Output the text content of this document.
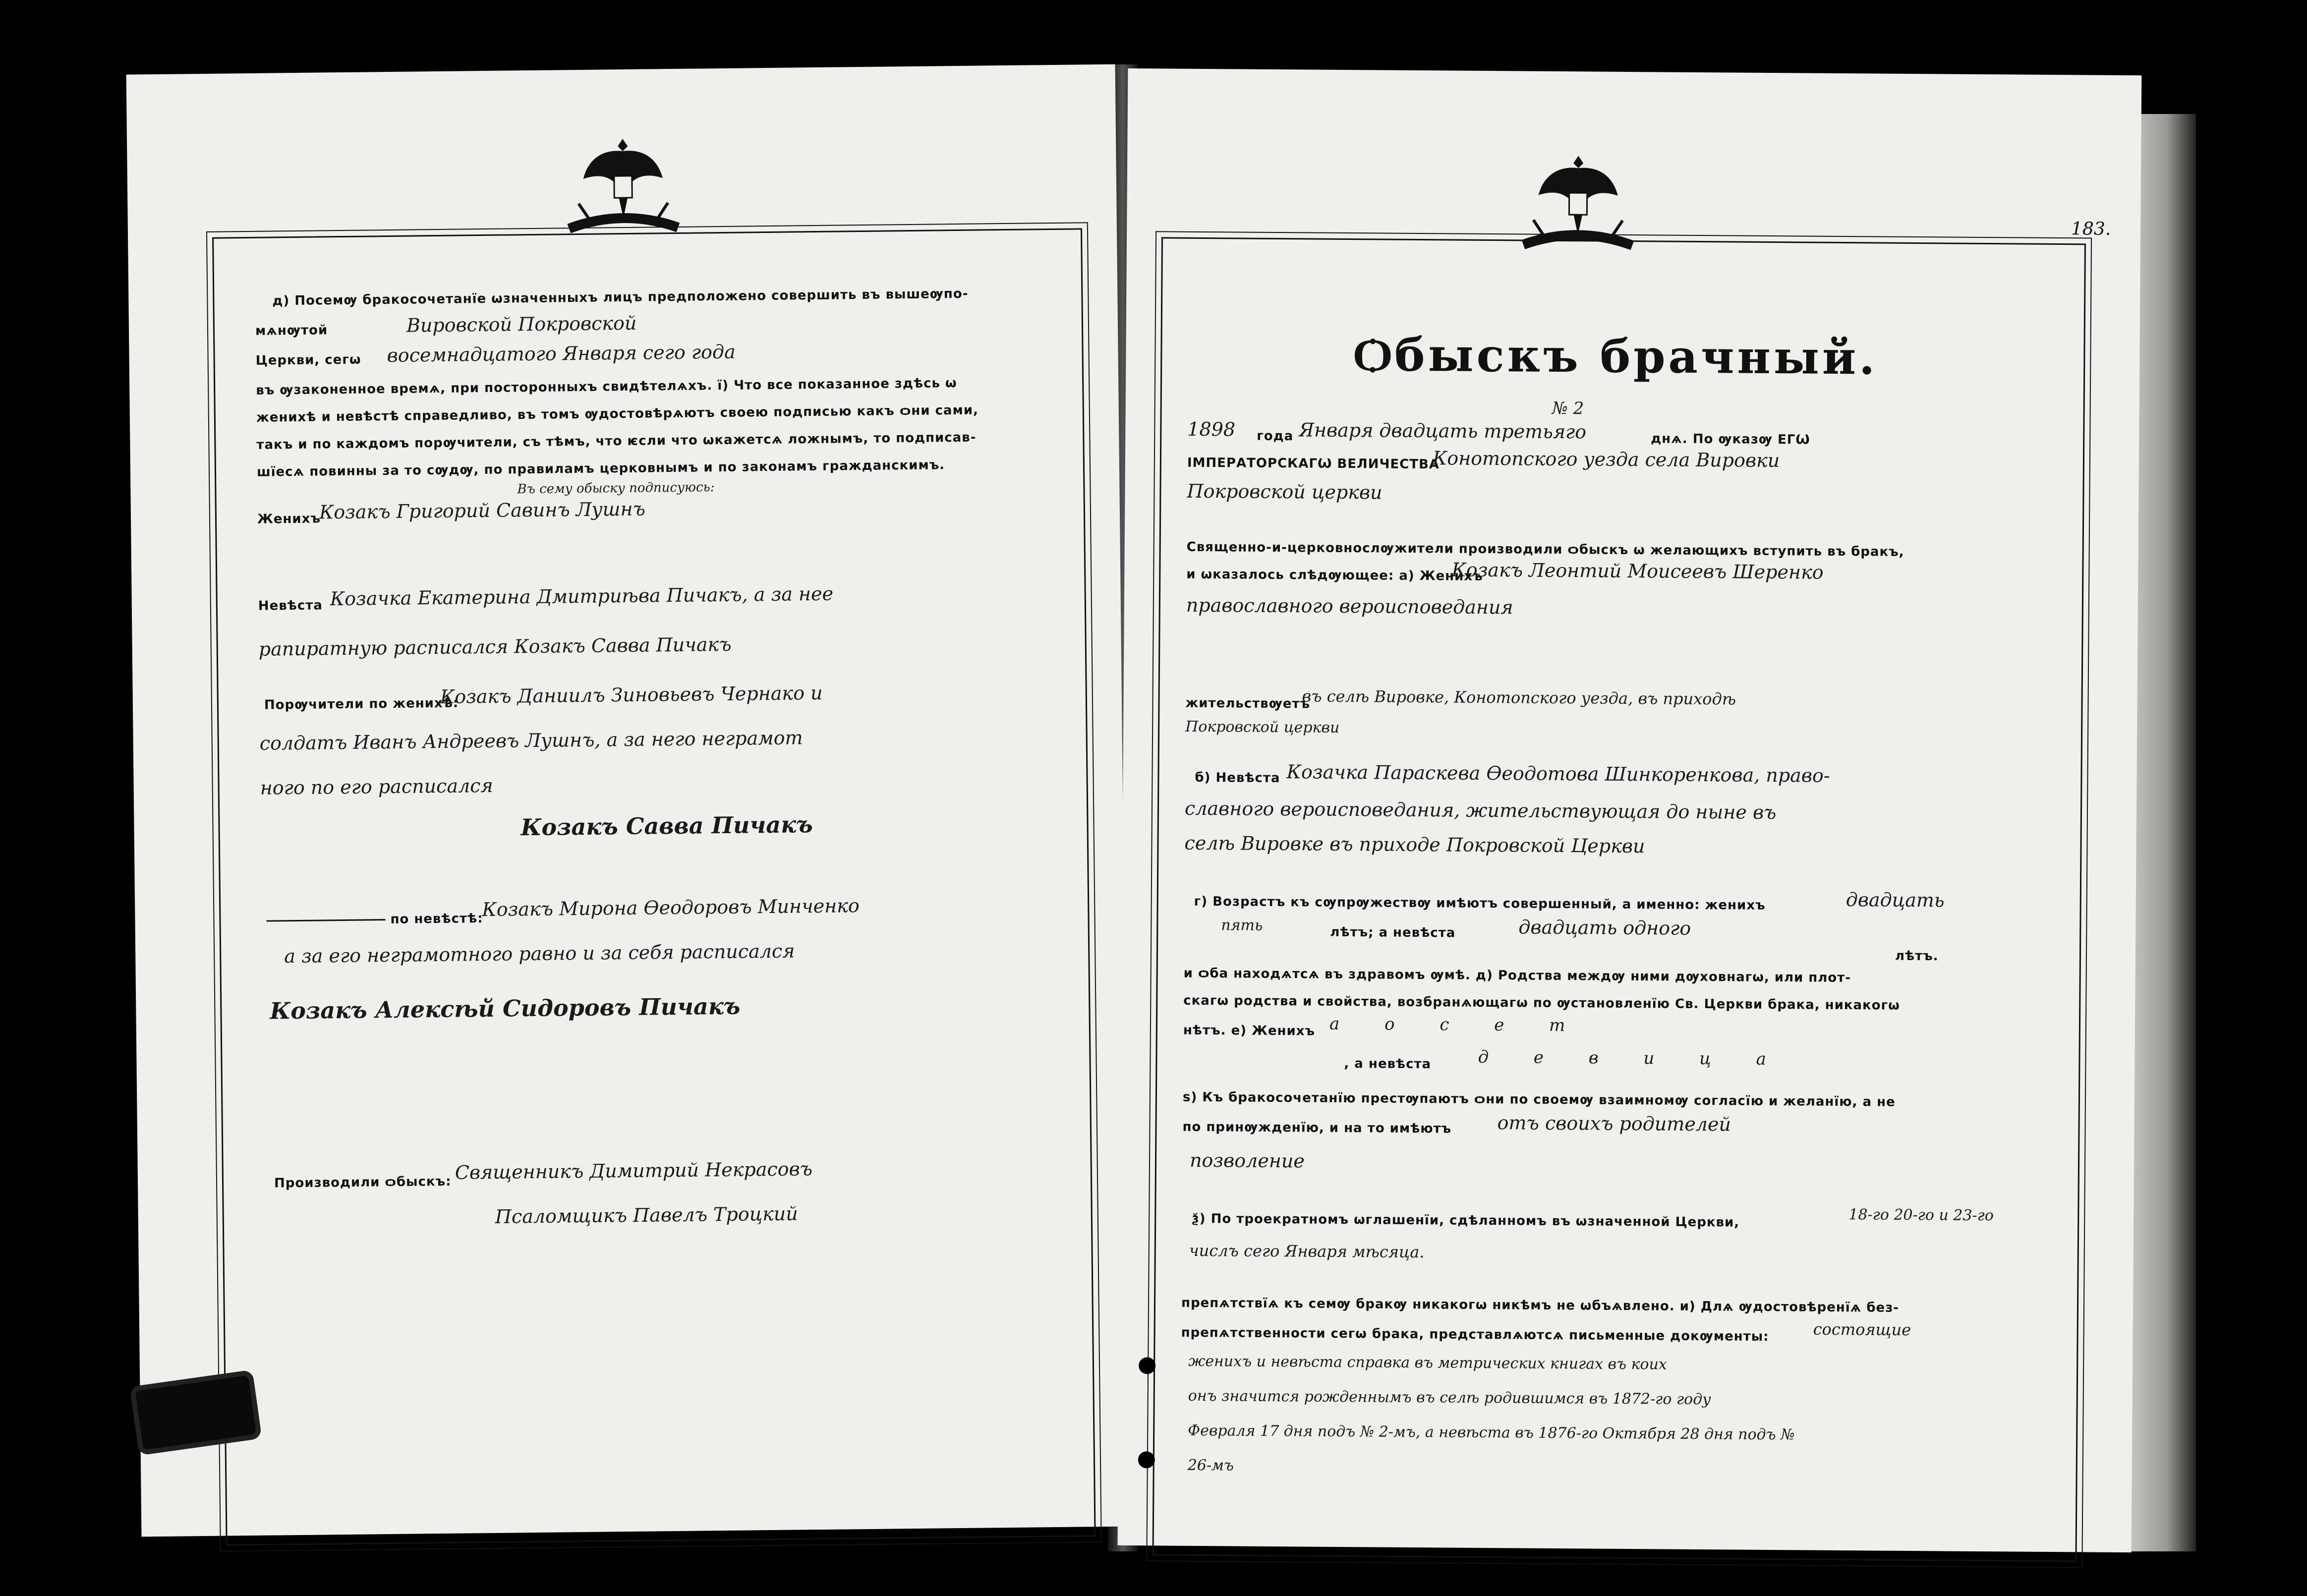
д) Посемѹ бракосочетанїе ѡзначенныхъ лицъ предположено совершить въ вышеѹпо-
мѧнѹтой	Вировской Покровской
Церкви, сегѡ восемнадцатого Января сего года
въ ѹзаконенное времѧ, при посторонныхъ свидѣтелѧхъ. ї) Что все показанное здѣсь ѡ
женихѣ и невѣстѣ справедливо, въ томъ ѹдостовѣрѧютъ своею подписью какъ ѻни сами,
такъ и по каждомъ порѹчители, съ тѣмъ, что ѥсли что ѡкажетсѧ ложнымъ, то подписав-
шїесѧ повинны за то сѹдѹ, по правиламъ церковнымъ и по законамъ гражданскимъ.
Въ сему обыску подписуюсь:
Женихъ
Козакъ Григорий Савинъ Лушнъ
Невѣста Козачка Екатерина Дмитриѣва Пичакъ, а за нее
рапиратную расписался Козакъ Савва Пичакъ
Порѹчители по женихѣ:
Козакъ Даниилъ Зиновьевъ Чернако и
солдатъ Иванъ Андреевъ Лушнъ, а за него неграмот
ного по его расписался
Козакъ Савва Пичакъ
по невѣстѣ:
Козакъ Мирона Ѳеодоровъ Минченко
а за его неграмотного равно и за себя расписался
Козакъ Алексѣй Сидоровъ Пичакъ
Производили ѻбыскъ: Священникъ Димитрий Некрасовъ
Псаломщикъ Павелъ Троцкий
183.
Ѻбыскъ брачный.
№ 2
1898 года Января двадцать третьяго	днѧ. По ѹказѹ ЕГѠ
ІМПЕРАТОРСКАГѠ ВЕЛИЧЕСТВА
Конотопского уезда села Вировки
Покровской церкви
Священно-и-церковнослѹжители производили ѻбыскъ ѡ желающихъ вступить въ бракъ,
и ѡказалось слѣдѹющее: а) Женихъ
Козакъ Леонтий Моисеевъ Шеренко
православного вероисповедания
жительствѹетъ
въ селѣ Вировке, Конотопского уезда, въ приходѣ
Покровской церкви
б) Невѣста Козачка Параскева Ѳеодотова Шинкоренкова, право-
славного вероисповедания, жительствующая до ныне въ
селѣ Вировке въ приходе Покровской Церкви
г) Возрастъ къ сѹпрѹжествѹ имѣютъ совершенный, а именно: женихъ	двадцать
пять	лѣтъ; а невѣста	двадцать одного
лѣтъ.
и ѻба находѧтсѧ въ здравомъ ѹмѣ. д) Родства междѹ ними дѹховнагѡ, или плот-
скагѡ родства и свойства, возбранѧющагѡ по ѹстановленїю Св. Церкви брака, никакогѡ
нѣтъ. е) Женихъ а о с е т
, а невѣста	д е в и ц а
ѕ) Къ бракосочетанїю престѹпаютъ ѻни по своемѹ взаимномѹ согласїю и желанїю, а не
по принѹжденїю, и на то имѣютъ отъ своихъ родителей
позволение
ѯ) По троекратномъ ѡглашенїи, сдѣланномъ въ ѡзначенной Церкви,	18-го 20-го и 23-го
числъ сего Января мѣсяца.
препѧтствїѧ къ семѹ бракѹ никакогѡ никѣмъ не ѡбъѧвлено. и) Длѧ ѹдостовѣренїѧ без-
препѧтственности сегѡ брака, представлѧютсѧ письменные докѹменты:	состоящие
женихъ и невѣста справка въ метрических книгах въ коих
онъ значится рожденнымъ въ селѣ родившимся въ 1872-го году
Февраля 17 дня подъ № 2-мъ, а невѣста въ 1876-го Октября 28 дня подъ №
26-мъ
